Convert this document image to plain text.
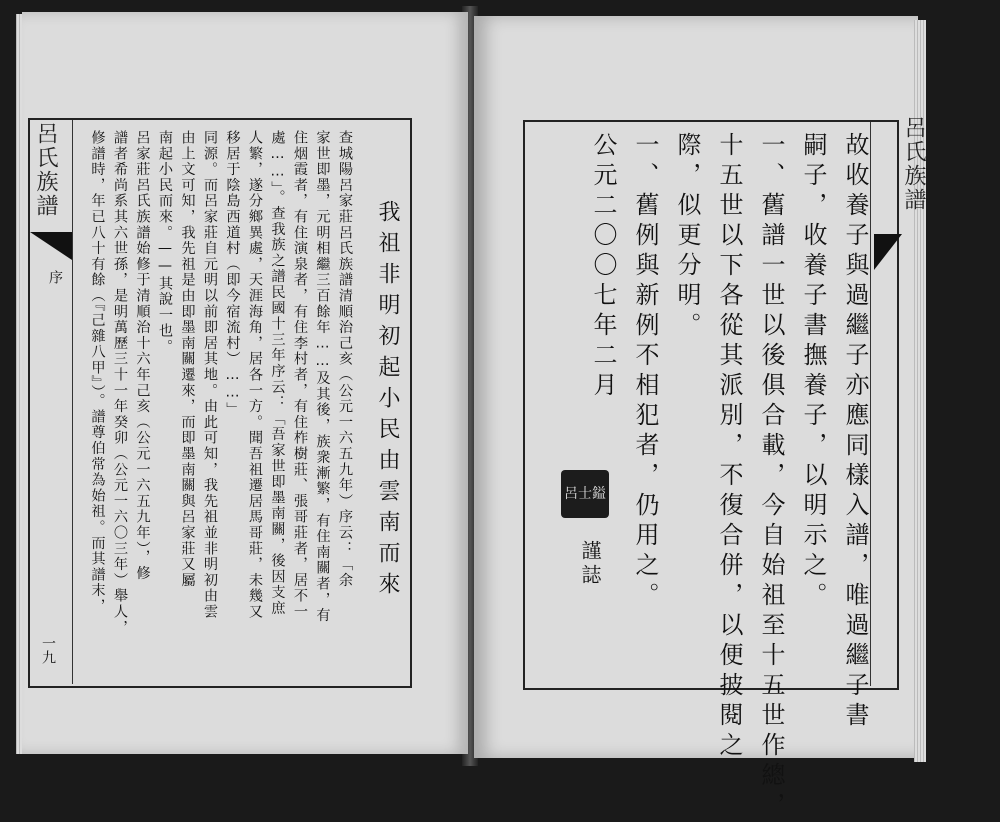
呂氏族譜
序
一九
我祖非明初起小民由雲南而來
查城陽呂家莊呂氏族譜清順治己亥（公元一六五九年）序云：「余
家世即墨，元明相繼三百餘年……及其後，族衆漸繁，有住南關者，有
住烟霞者，有住演泉者，有住李村者，有住柞樹莊、張哥莊者，居不一
處……」。查我族之譜民國十三年序云：「吾家世即墨南關，後因支庶
人繁，遂分鄉異處，天涯海角，居各一方。聞吾祖遷居馬哥莊，未幾又
移居于陰島西道村（即今宿流村）……」
同源。而呂家莊自元明以前即居其地。由此可知，我先祖並非明初由雲
由上文可知，我先祖是由即墨南關遷來，而即墨南關與呂家莊又屬
南起小民而來。——其說一也。
呂家莊呂氏族譜始修于清順治十六年己亥（公元一六五九年），修
譜者希尚系其六世孫，是明萬歷三十一年癸卯（公元一六〇三年）舉人，
修譜時，年已八十有餘（『己雜八甲』）。譜尊伯常為始祖。而其譜末，	呂氏族譜
故收養子與過繼子亦應同樣入譜，唯過繼子書
嗣子，收養子書撫養子，以明示之。
一、舊譜一世以後俱合載，今自始祖至十五世作總，
十五世以下各從其派別，不復合併，以便披閱之
際，似更分明。
一、舊例與新例不相犯者，仍用之。
公元二〇〇七年二月
呂士鎰
謹誌
